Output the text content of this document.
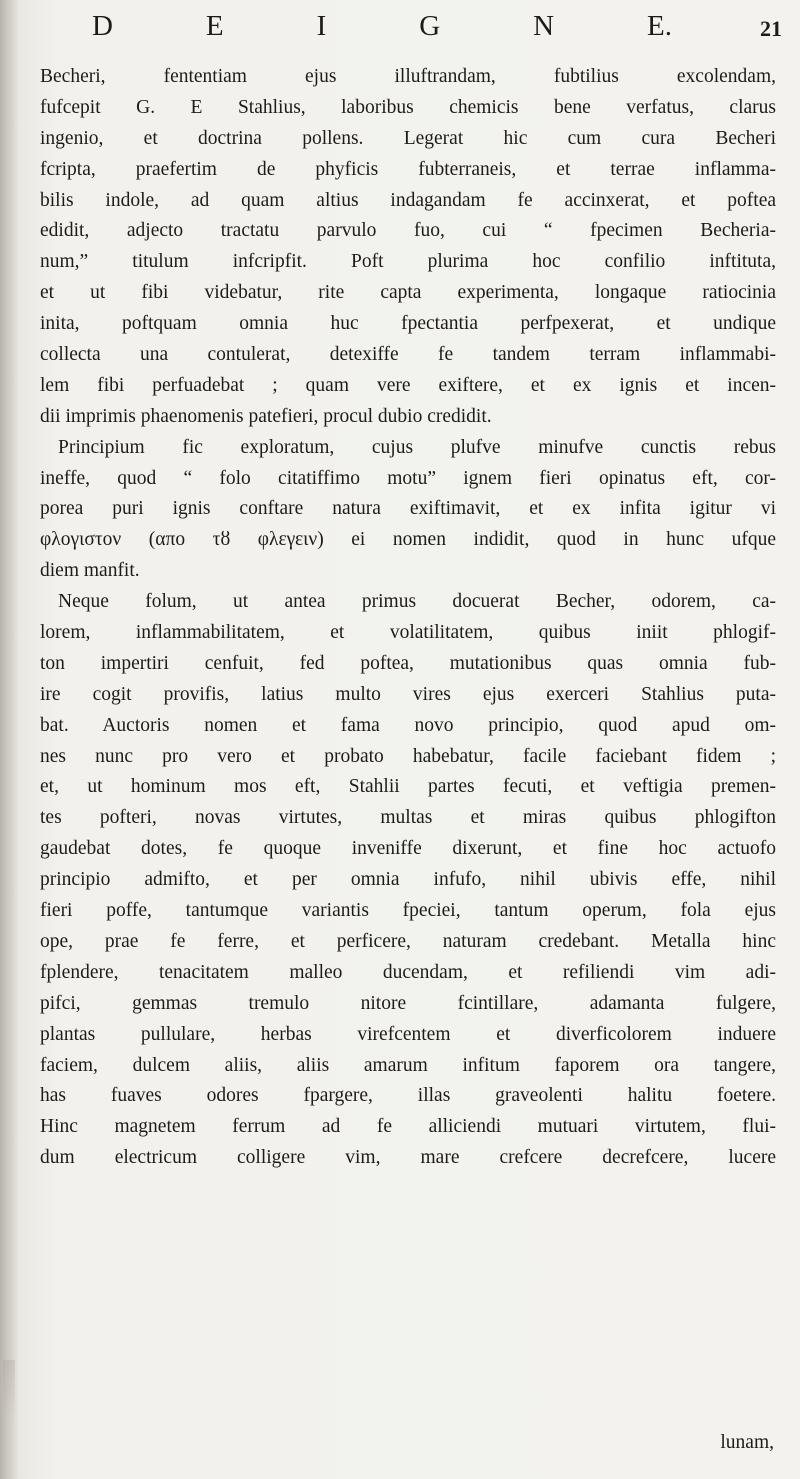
D	E	I	G	N	E.	21
Becheri, fententiam ejus illuftrandam, fubtilius excolendam,
fufcepit G. E Stahlius, laboribus chemicis bene verfatus, clarus
ingenio, et doctrina pollens. Legerat hic cum cura Becheri
fcripta, praefertim de phyficis fubterraneis, et terrae inflamma-
bilis indole, ad quam altius indagandam fe accinxerat, et poftea
edidit, adjecto tractatu parvulo fuo, cui “ fpecimen Becheria-
num,” titulum infcripfit. Poft plurima hoc confilio inftituta,
et ut fibi videbatur, rite capta experimenta, longaque ratiocinia
inita, poftquam omnia huc fpectantia perfpexerat, et undique
collecta una contulerat, detexiffe fe tandem terram inflammabi-
lem fibi perfuadebat ; quam vere exiftere, et ex ignis et incen-
dii imprimis phaenomenis patefieri, procul dubio credidit.
Principium fic exploratum, cujus plufve minufve cunctis rebus
ineffe, quod “ folo citatiffimo motu” ignem fieri opinatus eft, cor-
porea puri ignis conftare natura exiftimavit, et ex infita igitur vi
φλογιστον (απο τȣ φλεγειν) ei nomen indidit, quod in hunc ufque
diem manfit.
Neque folum, ut antea primus docuerat Becher, odorem, ca-
lorem, inflammabilitatem, et volatilitatem, quibus iniit phlogif-
ton impertiri cenfuit, fed poftea, mutationibus quas omnia fub-
ire cogit provifis, latius multo vires ejus exerceri Stahlius puta-
bat. Auctoris nomen et fama novo principio, quod apud om-
nes nunc pro vero et probato habebatur, facile faciebant fidem ;
et, ut hominum mos eft, Stahlii partes fecuti, et veftigia premen-
tes pofteri, novas virtutes, multas et miras quibus phlogifton
gaudebat dotes, fe quoque inveniffe dixerunt, et fine hoc actuofo
principio admifto, et per omnia infufo, nihil ubivis effe, nihil
fieri poffe, tantumque variantis fpeciei, tantum operum, fola ejus
ope, prae fe ferre, et perficere, naturam credebant. Metalla hinc
fplendere, tenacitatem malleo ducendam, et refiliendi vim adi-
pifci, gemmas tremulo nitore fcintillare, adamanta fulgere,
plantas pullulare, herbas virefcentem et diverficolorem induere
faciem, dulcem aliis, aliis amarum infitum faporem ora tangere,
has fuaves odores fpargere, illas graveolenti halitu foetere.
Hinc magnetem ferrum ad fe alliciendi mutuari virtutem, flui-
dum electricum colligere vim, mare crefcere decrefcere, lucere
lunam,
